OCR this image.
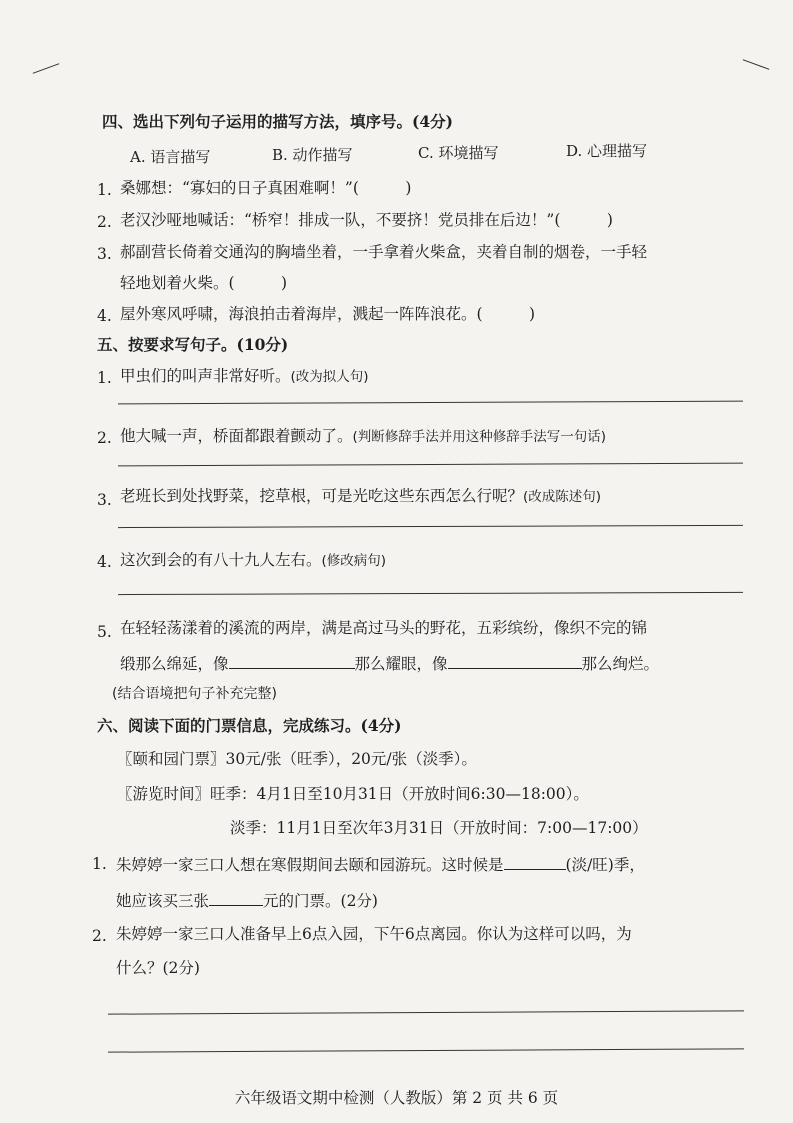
四、选出下列句子运用的描写方法，填序号。(4分)
A. 语言描写	B. 动作描写	C. 环境描写	D. 心理描写
1. 桑娜想：“寡妇的日子真困难啊！”(　　　)
2. 老汉沙哑地喊话：“桥窄！排成一队，不要挤！党员排在后边！”(　　　)
3. 郝副营长倚着交通沟的胸墙坐着，一手拿着火柴盒，夹着自制的烟卷，一手轻
轻地划着火柴。(　　　)
4. 屋外寒风呼啸，海浪拍击着海岸，溅起一阵阵浪花。(　　　)
五、按要求写句子。(10分)
1. 甲虫们的叫声非常好听。(改为拟人句)
2. 他大喊一声，桥面都跟着颤动了。(判断修辞手法并用这种修辞手法写一句话)
3. 老班长到处找野菜，挖草根，可是光吃这些东西怎么行呢？(改成陈述句)
4. 这次到会的有八十九人左右。(修改病句)
5. 在轻轻荡漾着的溪流的两岸，满是高过马头的野花，五彩缤纷，像织不完的锦
缎那么绵延，像	那么耀眼，像	那么绚烂。
(结合语境把句子补充完整)
六、阅读下面的门票信息，完成练习。(4分)
〖颐和园门票〗30元/张（旺季），20元/张（淡季）。
〖游览时间〗旺季：4月1日至10月31日（开放时间6:30—18:00）。
淡季：11月1日至次年3月31日（开放时间：7:00—17:00）
1. 朱婷婷一家三口人想在寒假期间去颐和园游玩。这时候是	(淡/旺)季，
她应该买三张	元的门票。(2分)
2. 朱婷婷一家三口人准备早上6点入园，下午6点离园。你认为这样可以吗，为
什么？(2分)
六年级语文期中检测（人教版）第 2 页 共 6 页
